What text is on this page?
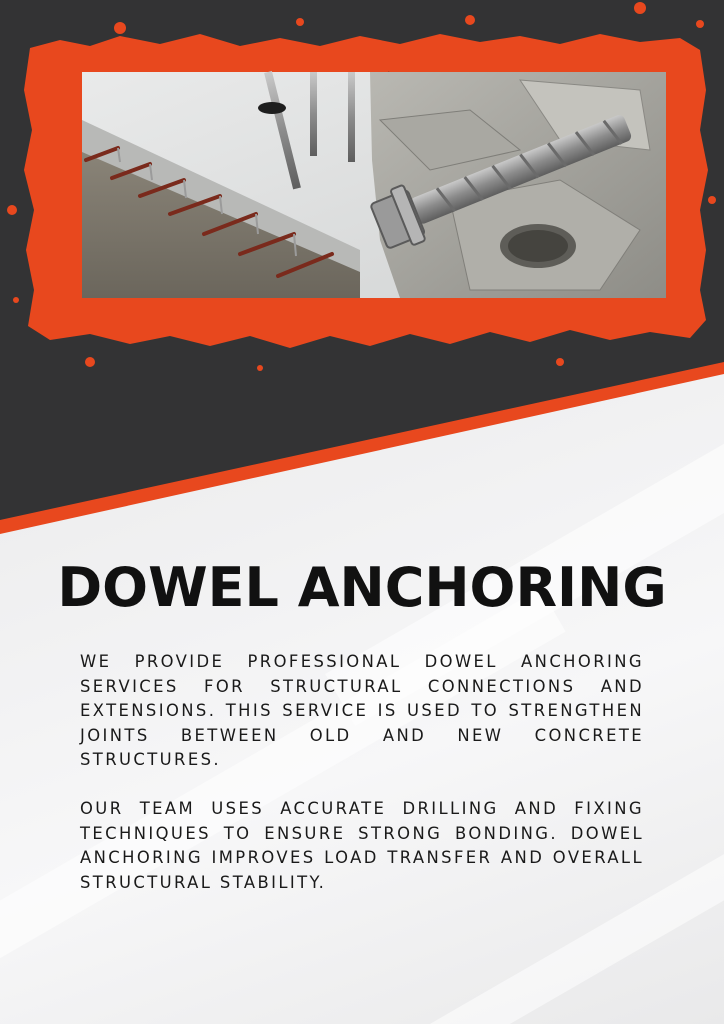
DOWEL ANCHORING

WE PROVIDE PROFESSIONAL DOWEL ANCHORING SERVICES FOR STRUCTURAL CONNECTIONS AND EXTENSIONS. THIS SERVICE IS USED TO STRENGTHEN JOINTS BETWEEN OLD AND NEW CONCRETE STRUCTURES.

OUR TEAM USES ACCURATE DRILLING AND FIXING TECHNIQUES TO ENSURE STRONG BONDING. DOWEL ANCHORING IMPROVES LOAD TRANSFER AND OVERALL STRUCTURAL STABILITY.
